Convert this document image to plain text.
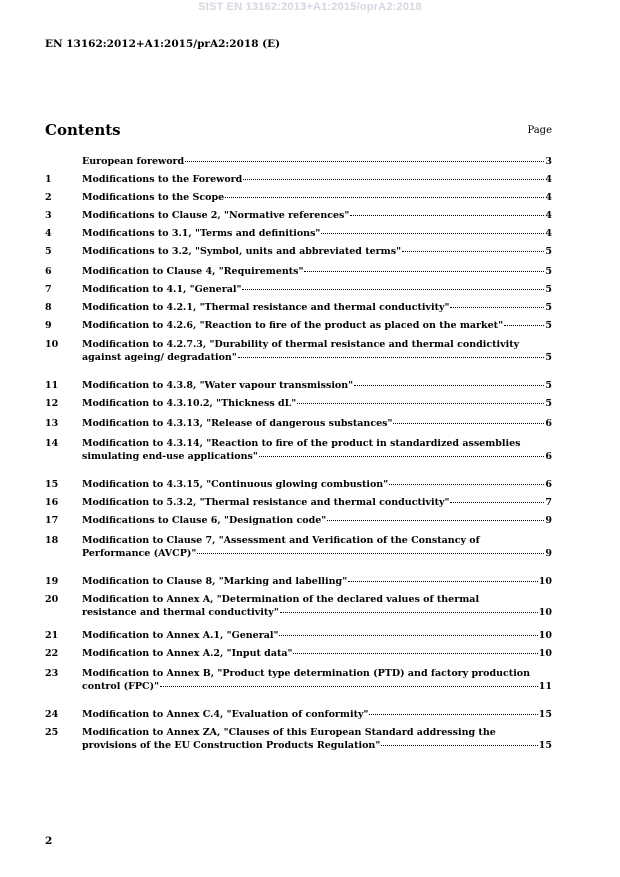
SIST EN 13162:2013+A1:2015/oprA2:2018
EN 13162:2012+A1:2015/prA2:2018 (E)
Contents	Page
European foreword	3
1	Modifications to the Foreword	4
2	Modifications to the Scope	4
3	Modifications to Clause 2, "Normative references"	4
4	Modifications to 3.1, "Terms and definitions"	4
5	Modifications to 3.2, "Symbol, units and abbreviated terms"	5
6	Modification to Clause 4, "Requirements"	5
7	Modification to 4.1, "General"	5
8	Modification to 4.2.1, "Thermal resistance and thermal conductivity"	5
9	Modification to 4.2.6, "Reaction to fire of the product as placed on the market"	5
10	Modification to 4.2.7.3, "Durability of thermal resistance and thermal condictivity
against ageing/ degradation"	5
11	Modification to 4.3.8, "Water vapour transmission"	5
12	Modification to 4.3.10.2, "Thickness dL"	5
13	Modification to 4.3.13, "Release of dangerous substances"	6
14	Modification to 4.3.14, "Reaction to fire of the product in standardized assemblies
simulating end-use applications"	6
15	Modification to 4.3.15, "Continuous glowing combustion"	6
16	Modification to 5.3.2, "Thermal resistance and thermal conductivity"	7
17	Modifications to Clause 6, "Designation code"	9
18	Modification to Clause 7, "Assessment and Verification of the Constancy of
Performance (AVCP)"	9
19	Modification to Clause 8, "Marking and labelling"	10
20	Modification to Annex A, "Determination of the declared values of thermal
resistance and thermal conductivity"	10
21	Modification to Annex A.1, "General"	10
22	Modification to Annex A.2, "Input data"	10
23	Modification to Annex B, "Product type determination (PTD) and factory production
control (FPC)"	11
24	Modification to Annex C.4, "Evaluation of conformity"	15
25	Modification to Annex ZA, "Clauses of this European Standard addressing the
provisions of the EU Construction Products Regulation"	15
2
